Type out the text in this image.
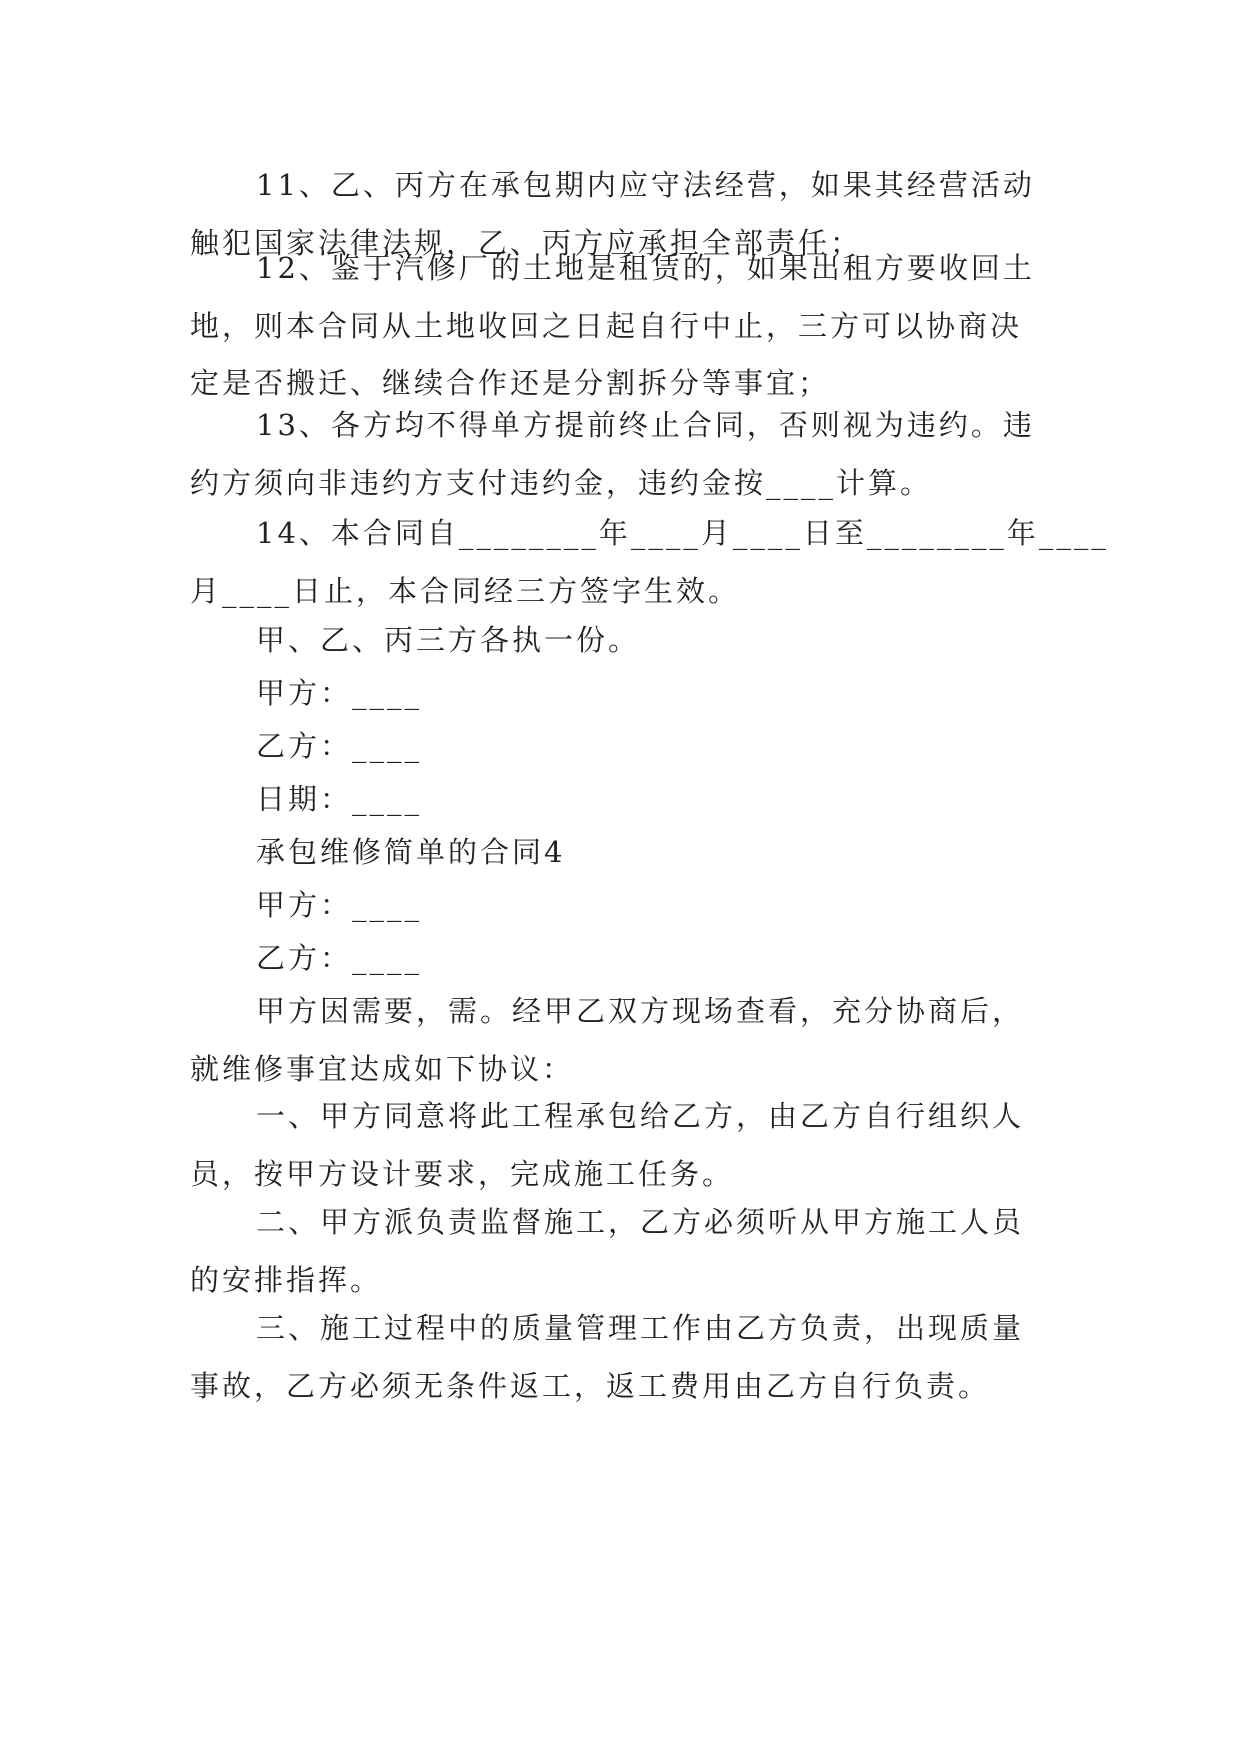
11、乙、丙方在承包期内应守法经营，如果其经营活动
触犯国家法律法规，乙、丙方应承担全部责任；
12、鉴于汽修厂的土地是租赁的，如果出租方要收回土
地，则本合同从土地收回之日起自行中止，三方可以协商决
定是否搬迁、继续合作还是分割拆分等事宜；
13、各方均不得单方提前终止合同，否则视为违约。违
约方须向非违约方支付违约金，违约金按____计算。
14、本合同自________年____月____日至________年____
月____日止，本合同经三方签字生效。
甲、乙、丙三方各执一份。
甲方：____
乙方：____
日期：____
承包维修简单的合同4
甲方：____
乙方：____
甲方因需要，需。经甲乙双方现场查看，充分协商后，
就维修事宜达成如下协议：
一、甲方同意将此工程承包给乙方，由乙方自行组织人
员，按甲方设计要求，完成施工任务。
二、甲方派负责监督施工，乙方必须听从甲方施工人员
的安排指挥。
三、施工过程中的质量管理工作由乙方负责，出现质量
事故，乙方必须无条件返工，返工费用由乙方自行负责。
